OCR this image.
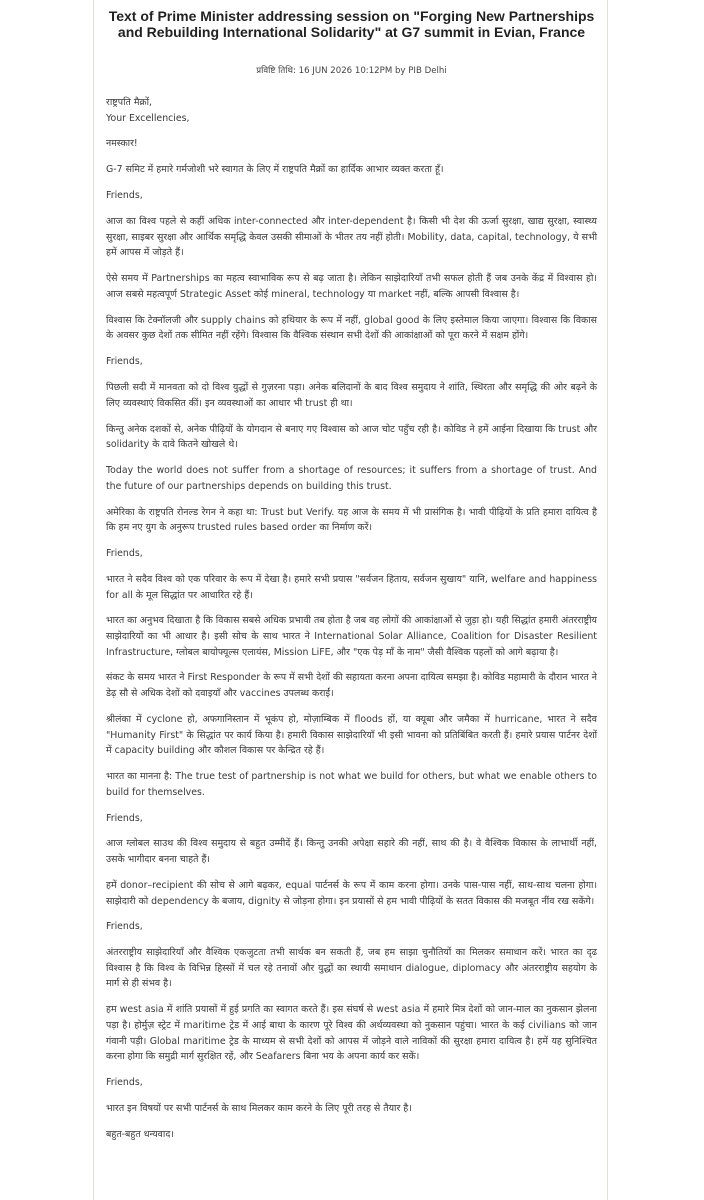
Text of Prime Minister addressing session on "Forging New Partnerships and Rebuilding International Solidarity" at G7 summit in Evian, France
प्रविष्टि तिथि: 16 JUN 2026 10:12PM by PIB Delhi

राष्ट्रपति मैक्रों,
Your Excellencies,

नमस्कार!

G-7 समिट में हमारे गर्मजोशी भरे स्वागत के लिए में राष्ट्रपति मैक्रों का हार्दिक आभार व्यक्त करता हूँ।

Friends,

आज का विश्व पहले से कहीं अधिक inter-connected और inter-dependent है। किसी भी देश की ऊर्जा सुरक्षा, खाद्य सुरक्षा, स्वास्थ्य सुरक्षा, साइबर सुरक्षा और आर्थिक समृद्धि केवल उसकी सीमाओं के भीतर तय नहीं होती। Mobility, data, capital, technology, ये सभी हमें आपस में जोड़ते हैं।

ऐसे समय में Partnerships का महत्व स्वाभाविक रूप से बढ़ जाता है। लेकिन साझेदारियाँ तभी सफल होती हैं जब उनके केंद्र में विश्वास हो। आज सबसे महत्वपूर्ण Strategic Asset कोई mineral, technology या market नहीं, बल्कि आपसी विश्वास है।

विश्वास कि टेक्नॉलजी और supply chains को हथियार के रूप में नहीं, global good के लिए इस्तेमाल किया जाएगा। विश्वास कि विकास के अवसर कुछ देशों तक सीमित नहीं रहेंगे। विश्वास कि वैश्विक संस्थान सभी देशों की आकांक्षाओं को पूरा करने में सक्षम होंगे।

Friends,

पिछली सदी में मानवता को दो विश्व युद्धों से गुज़रना पड़ा। अनेक बलिदानों के बाद विश्व समुदाय ने शांति, स्थिरता और समृद्धि की ओर बढ़ने के लिए व्यवस्थाएं विकसित कीं। इन व्यवस्थाओं का आधार भी trust ही था।

किन्तु अनेक दशकों से, अनेक पीढ़ियों के योगदान से बनाए गए विश्वास को आज चोट पहुँच रही है। कोविड ने हमें आईना दिखाया कि trust और solidarity के दावे कितने खोखले थे।

Today the world does not suffer from a shortage of resources; it suffers from a shortage of trust. And the future of our partnerships depends on building this trust.

अमेरिका के राष्ट्रपति रोनल्ड रेगन ने कहा था: Trust but Verify. यह आज के समय में भी प्रासंगिक है। भावी पीढ़ियों के प्रति हमारा दायित्व है कि हम नए युग के अनुरूप trusted rules based order का निर्माण करें।

Friends,

भारत ने सदैव विश्व को एक परिवार के रूप में देखा है। हमारे सभी प्रयास "सर्वजन हिताय, सर्वजन सुखाय" यानि, welfare and happiness for all के मूल सिद्धांत पर आधारित रहे हैं।

भारत का अनुभव दिखाता है कि विकास सबसे अधिक प्रभावी तब होता है जब वह लोगों की आकांक्षाओं से जुड़ा हो। यही सिद्धांत हमारी अंतरराष्ट्रीय साझेदारियों का भी आधार है। इसी सोच के साथ भारत ने International Solar Alliance, Coalition for Disaster Resilient Infrastructure, ग्लोबल बायोफ्यूल्स एलायंस, Mission LiFE, और "एक पेड़ माँ के नाम" जैसी वैश्विक पहलों को आगे बढ़ाया है।

संकट के समय भारत ने First Responder के रूप में सभी देशों की सहायता करना अपना दायित्व समझा है। कोविड महामारी के दौरान भारत ने डेढ़ सौ से अधिक देशों को दवाइयाँ और vaccines उपलब्ध कराईं।

श्रीलंका में cyclone हो, अफगानिस्तान में भूकंप हो, मोज़ाम्बिक में floods हों, या क्यूबा और जमैका में hurricane, भारत ने सदैव "Humanity First" के सिद्धांत पर कार्य किया है। हमारी विकास साझेदारियाँ भी इसी भावना को प्रतिबिंबित करती हैं। हमारे प्रयास पार्टनर देशों में capacity building और कौशल विकास पर केन्द्रित रहे हैं।

भारत का मानना है: The true test of partnership is not what we build for others, but what we enable others to build for themselves.

Friends,

आज ग्लोबल साउथ की विश्व समुदाय से बहुत उम्मीदें हैं। किन्तु उनकी अपेक्षा सहारे की नहीं, साथ की है। वे वैश्विक विकास के लाभार्थी नहीं, उसके भागीदार बनना चाहते हैं।

हमें donor–recipient की सोच से आगे बढ़कर, equal पार्टनर्स के रूप में काम करना होगा। उनके पास-पास नहीं, साथ-साथ चलना होगा। साझेदारी को dependency के बजाय, dignity से जोड़ना होगा। इन प्रयासों से हम भावी पीढ़ियों के सतत विकास की मजबूत नींव रख सकेंगे।

Friends,

अंतरराष्ट्रीय साझेदारियाँ और वैश्विक एकजुटता तभी सार्थक बन सकती हैं, जब हम साझा चुनौतियों का मिलकर समाधान करें। भारत का दृढ विश्वास है कि विश्व के विभिन्न हिस्सों में चल रहे तनावों और युद्धों का स्थायी समाधान dialogue, diplomacy और अंतरराष्ट्रीय सहयोग के मार्ग से ही संभव है।

हम west asia में शांति प्रयासों में हुई प्रगति का स्वागत करते हैं। इस संघर्ष से west asia में हमारे मित्र देशों को जान-माल का नुकसान झेलना पड़ा है। होर्मुज़ स्ट्रेट में maritime ट्रेड में आई बाधा के कारण पूरे विश्व की अर्थव्यवस्था को नुकसान पहुंचा। भारत के कई civilians को जान गंवानी पड़ी। Global maritime ट्रेड के माध्यम से सभी देशों को आपस में जोड़ने वाले नाविकों की सुरक्षा हमारा दायित्व है। हमें यह सुनिश्चित करना होगा कि समुद्री मार्ग सुरक्षित रहें, और Seafarers बिना भय के अपना कार्य कर सकें।

Friends,

भारत इन विषयों पर सभी पार्टनर्स के साथ मिलकर काम करने के लिए पूरी तरह से तैयार है।

बहुत-बहुत धन्यवाद।
